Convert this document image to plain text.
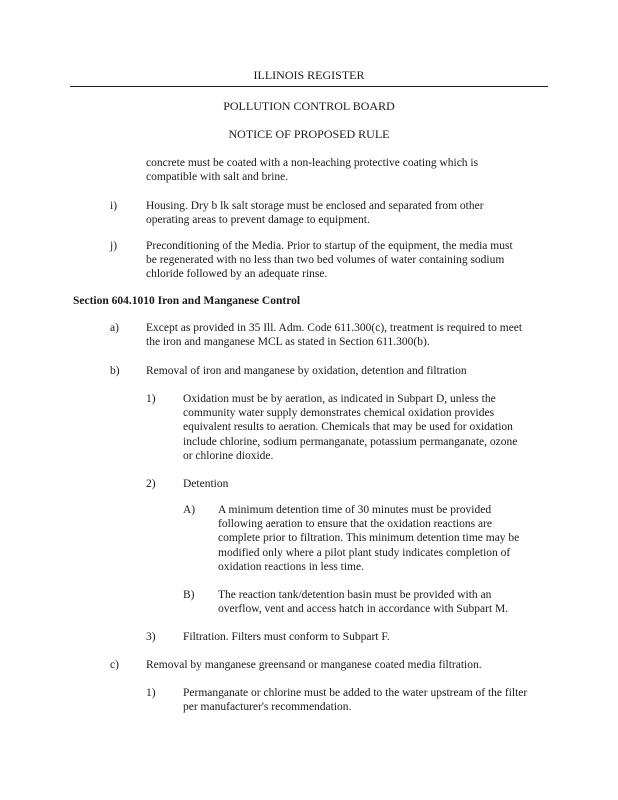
ILLINOIS REGISTER
POLLUTION CONTROL BOARD
NOTICE OF PROPOSED RULE
concrete must be coated with a non-leaching protective coating which is
compatible with salt and brine.
i)	Housing. Dry b lk salt storage must be enclosed and separated from other
operating areas to prevent damage to equipment.
j)	Preconditioning of the Media. Prior to startup of the equipment, the media must
be regenerated with no less than two bed volumes of water containing sodium
chloride followed by an adequate rinse.
Section 604.1010 Iron and Manganese Control
a) Except as provided in 35 Ill. Adm. Code 611.300(c), treatment is required to meet
the iron and manganese MCL as stated in Section 611.300(b).
b) Removal of iron and manganese by oxidation, detention and filtration
1) Oxidation must be by aeration, as indicated in Subpart D, unless the
community water supply demonstrates chemical oxidation provides
equivalent results to aeration. Chemicals that may be used for oxidation
include chlorine, sodium permanganate, potassium permanganate, ozone
or chlorine dioxide.
2) Detention
A) A minimum detention time of 30 minutes must be provided
following aeration to ensure that the oxidation reactions are
complete prior to filtration. This minimum detention time may be
modified only where a pilot plant study indicates completion of
oxidation reactions in less time.
B) The reaction tank/detention basin must be provided with an
overflow, vent and access hatch in accordance with Subpart M.
3) Filtration. Filters must conform to Subpart F.
c) Removal by manganese greensand or manganese coated media filtration.
1) Permanganate or chlorine must be added to the water upstream of the filter
per manufacturer's recommendation.
